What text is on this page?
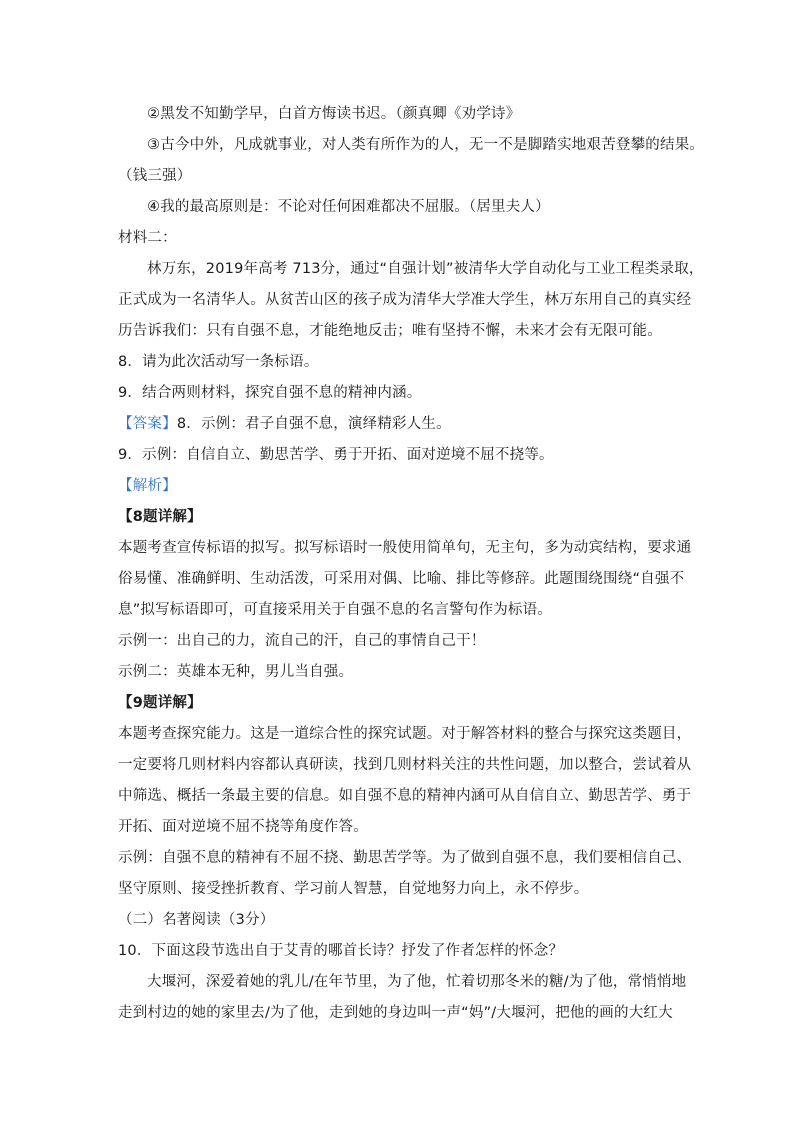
②黑发不知勤学早，白首方悔读书迟。（颜真卿《劝学诗》
③古今中外，凡成就事业，对人类有所作为的人，无一不是脚踏实地艰苦登攀的结果。
（钱三强）
④我的最高原则是：不论对任何困难都决不屈服。（居里夫人）
材料二：
林万东，2019年高考 713分，通过“自强计划”被清华大学自动化与工业工程类录取，
正式成为一名清华人。从贫苦山区的孩子成为清华大学准大学生，林万东用自己的真实经
历告诉我们：只有自强不息，才能绝地反击；唯有坚持不懈，未来才会有无限可能。
8．请为此次活动写一条标语。
9．结合两则材料，探究自强不息的精神内涵。
【答案】8．示例：君子自强不息，演绎精彩人生。
9．示例：自信自立、勤思苦学、勇于开拓、面对逆境不屈不挠等。
【解析】
【8题详解】
本题考查宣传标语的拟写。拟写标语时一般使用简单句，无主句，多为动宾结构，要求通
俗易懂、准确鲜明、生动活泼，可采用对偶、比喻、排比等修辞。此题围绕围绕“自强不
息”拟写标语即可，可直接采用关于自强不息的名言警句作为标语。
示例一：出自己的力，流自己的汗，自己的事情自己干！
示例二：英雄本无种，男儿当自强。
【9题详解】
本题考查探究能力。这是一道综合性的探究试题。对于解答材料的整合与探究这类题目，
一定要将几则材料内容都认真研读，找到几则材料关注的共性问题，加以整合，尝试着从
中筛选、概括一条最主要的信息。如自强不息的精神内涵可从自信自立、勤思苦学、勇于
开拓、面对逆境不屈不挠等角度作答。
示例：自强不息的精神有不屈不挠、勤思苦学等。为了做到自强不息，我们要相信自己、
坚守原则、接受挫折教育、学习前人智慧，自觉地努力向上，永不停步。
（二）名著阅读（3分）
10．下面这段节选出自于艾青的哪首长诗？抒发了作者怎样的怀念？
大堰河，深爱着她的乳儿/在年节里，为了他，忙着切那冬米的糖/为了他，常悄悄地
走到村边的她的家里去/为了他，走到她的身边叫一声“妈”/大堰河，把他的画的大红大
